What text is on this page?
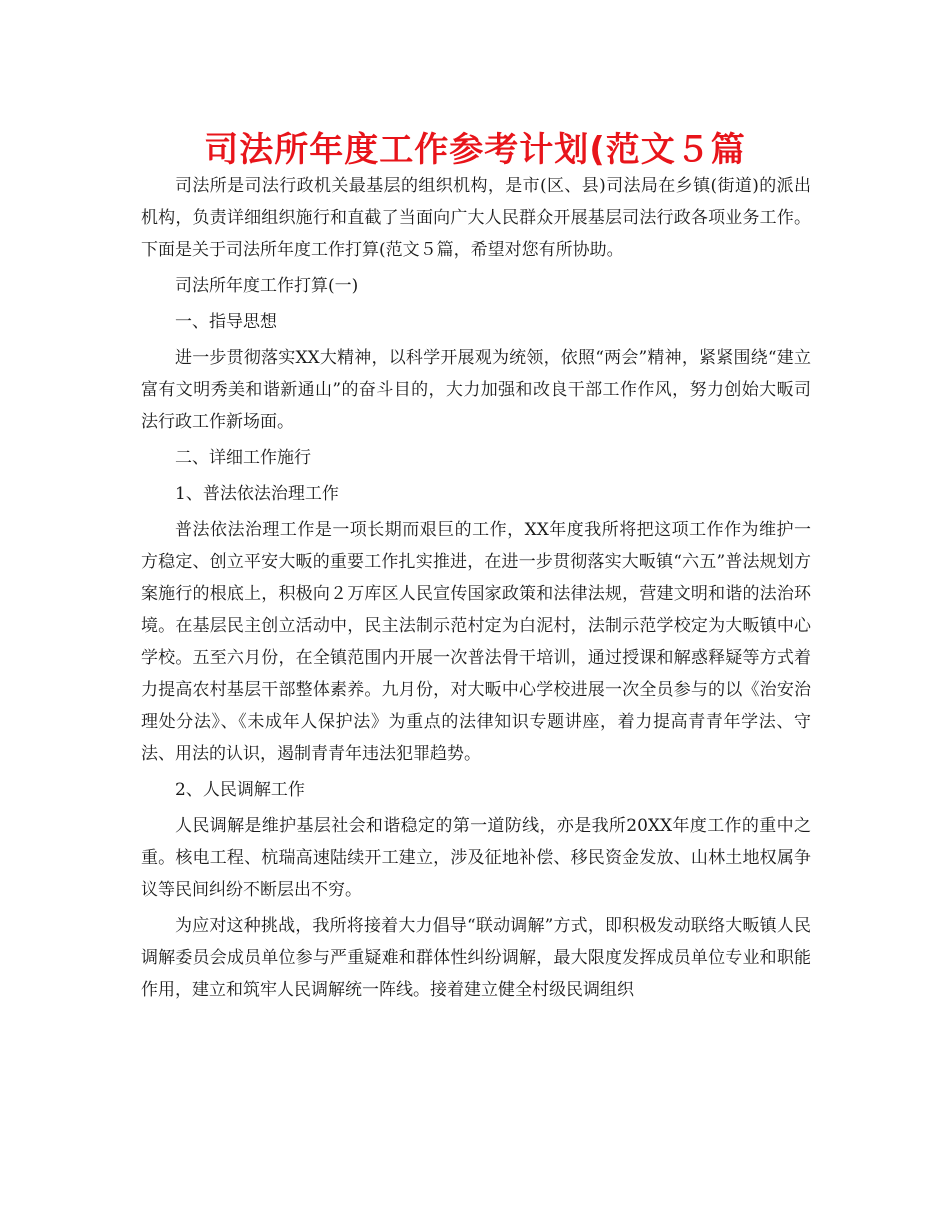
司法所年度工作参考计划(范文５篇

司法所是司法行政机关最基层的组织机构，是市(区、县)司法局在乡镇(街道)的派出机构，负责详细组织施行和直截了当面向广大人民群众开展基层司法行政各项业务工作。下面是关于司法所年度工作打算(范文５篇，希望对您有所协助。

司法所年度工作打算(一)

一、指导思想

进一步贯彻落实XX大精神，以科学开展观为统领，依照“两会”精神，紧紧围绕“建立富有文明秀美和谐新通山”的奋斗目的，大力加强和改良干部工作作风，努力创始大畈司法行政工作新场面。

二、详细工作施行

1、普法依法治理工作

普法依法治理工作是一项长期而艰巨的工作，XX年度我所将把这项工作作为维护一方稳定、创立平安大畈的重要工作扎实推进，在进一步贯彻落实大畈镇“六五”普法规划方案施行的根底上，积极向２万库区人民宣传国家政策和法律法规，营建文明和谐的法治环境。在基层民主创立活动中，民主法制示范村定为白泥村，法制示范学校定为大畈镇中心学校。五至六月份，在全镇范围内开展一次普法骨干培训，通过授课和解惑释疑等方式着力提高农村基层干部整体素养。九月份，对大畈中心学校进展一次全员参与的以《治安治理处分法》、《未成年人保护法》为重点的法律知识专题讲座，着力提高青青年学法、守法、用法的认识，遏制青青年违法犯罪趋势。

2、人民调解工作

人民调解是维护基层社会和谐稳定的第一道防线，亦是我所20XX年度工作的重中之重。核电工程、杭瑞高速陆续开工建立，涉及征地补偿、移民资金发放、山林土地权属争议等民间纠纷不断层出不穷。

为应对这种挑战，我所将接着大力倡导“联动调解”方式，即积极发动联络大畈镇人民调解委员会成员单位参与严重疑难和群体性纠纷调解，最大限度发挥成员单位专业和职能作用，建立和筑牢人民调解统一阵线。接着建立健全村级民调组织
